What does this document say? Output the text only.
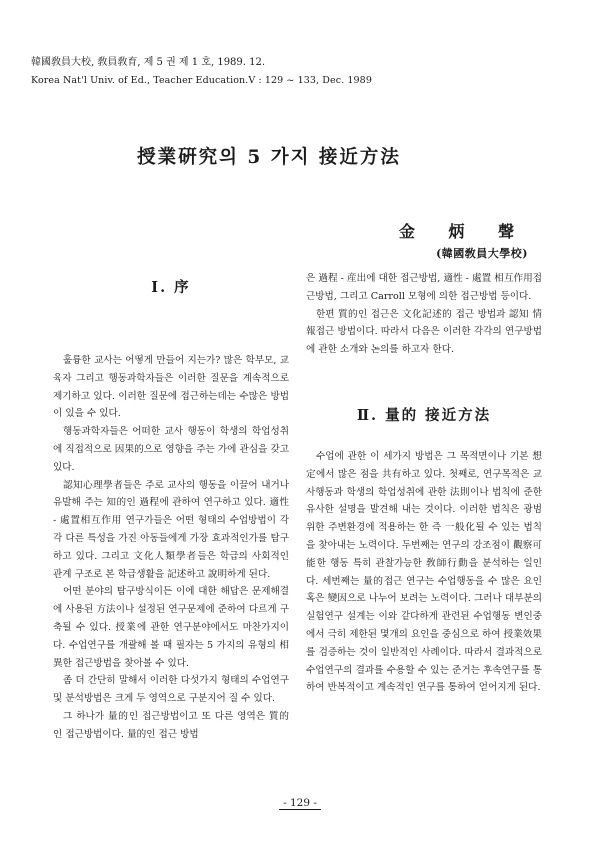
韓國敎員大校, 敎員敎育, 제 5 권 제 1 호, 1989. 12.
Korea Nat'l Univ. of Ed., Teacher Education.Ⅴ : 129 ~ 133, Dec. 1989
授業硏究의 5 가지 接近方法
金 炳 聲
(韓國敎員大學校)
Ⅰ. 序

훌륭한 교사는 어떻게 만들어 지는가? 많은 학부모, 교육자 그리고 행동과학자들은 이러한 질문을 계속적으로 제기하고 있다. 이러한 질문에 접근하는데는 수많은 방법이 있을 수 있다.

행동과학자들은 어떠한 교사 행동이 학생의 학업성취에 직접적으로 因果的으로 영향을 주는 가에 관심을 갖고 있다.

認知心理學者들은 주로 교사의 행동을 이끌어 내거나 유발해 주는 知的인 過程에 관하여 연구하고 있다. 適性 - 處置相互作用 연구가들은 어떤 형태의 수업방법이 각각 다른 특성을 가진 아동들에게 가장 효과적인가를 탐구하고 있다. 그리고 文化人類學者들은 학급의 사회적인 관계 구조로 본 학급생활을 記述하고 說明하게 된다.

어떤 분야의 탐구방식이든 이에 대한 해답은 문제해결에 사용된 方法이나 설정된 연구문제에 준하여 다르게 구축될 수 있다. 授業에 관한 연구분야에서도 마찬가지이다. 수업연구를 개괄해 볼 때 필자는 5 가지의 유형의 相異한 접근방법을 찾아볼 수 있다.

좀 더 간단히 말해서 이러한 다섯가지 형태의 수업연구 및 분석방법은 크게 두 영역으로 구분지어 질 수 있다.

그 하나가 量的인 접근방법이고 또 다른 영역은 質的인 접근방법이다. 量的인 접근 방법

은 過程 - 産出에 대한 접근방법, 適性 - 處置 相互作用접근방법, 그리고 Carroll 모형에 의한 접근방법 등이다.

한편 質的인 접근은 文化記述的 접근 방법과 認知 情報접근 방법이다. 따라서 다음은 이러한 각각의 연구방법에 관한 소개와 논의를 하고자 한다.

Ⅱ. 量的 接近方法

수업에 관한 이 세가지 방법은 그 목적면이나 기본 想定에서 많은 점을 共有하고 있다. 첫째로, 연구목적은 교사행동과 학생의 학업성취에 관한 法則이나 법칙에 준한 유사한 설명을 발견해 내는 것이다. 이러한 법칙은 광범위한 주변환경에 적용하는 한 즉 一般化될 수 있는 법칙을 찾아내는 노력이다. 두번째는 연구의 강조점이 觀察可能한 행동 특히 관찰가능한 敎師行動을 분석하는 일인다. 세번째는 量的접근 연구는 수업행동을 수 많은 요인 혹은 變因으로 나누어 보려는 노력이다. 그러나 대부분의 실험연구 설계는 이와 같다하게 관련된 수업행동 변인중에서 극히 제한된 몇개의 요인을 중심으로 하여 授業效果를 검증하는 것이 일반적인 사례이다. 따라서 결과적으로 수업연구의 결과를 수용할 수 있는 준거는 후속연구를 통하여 반복적이고 계속적인 연구를 통하여 얻어지게 된다.

- 129 -
